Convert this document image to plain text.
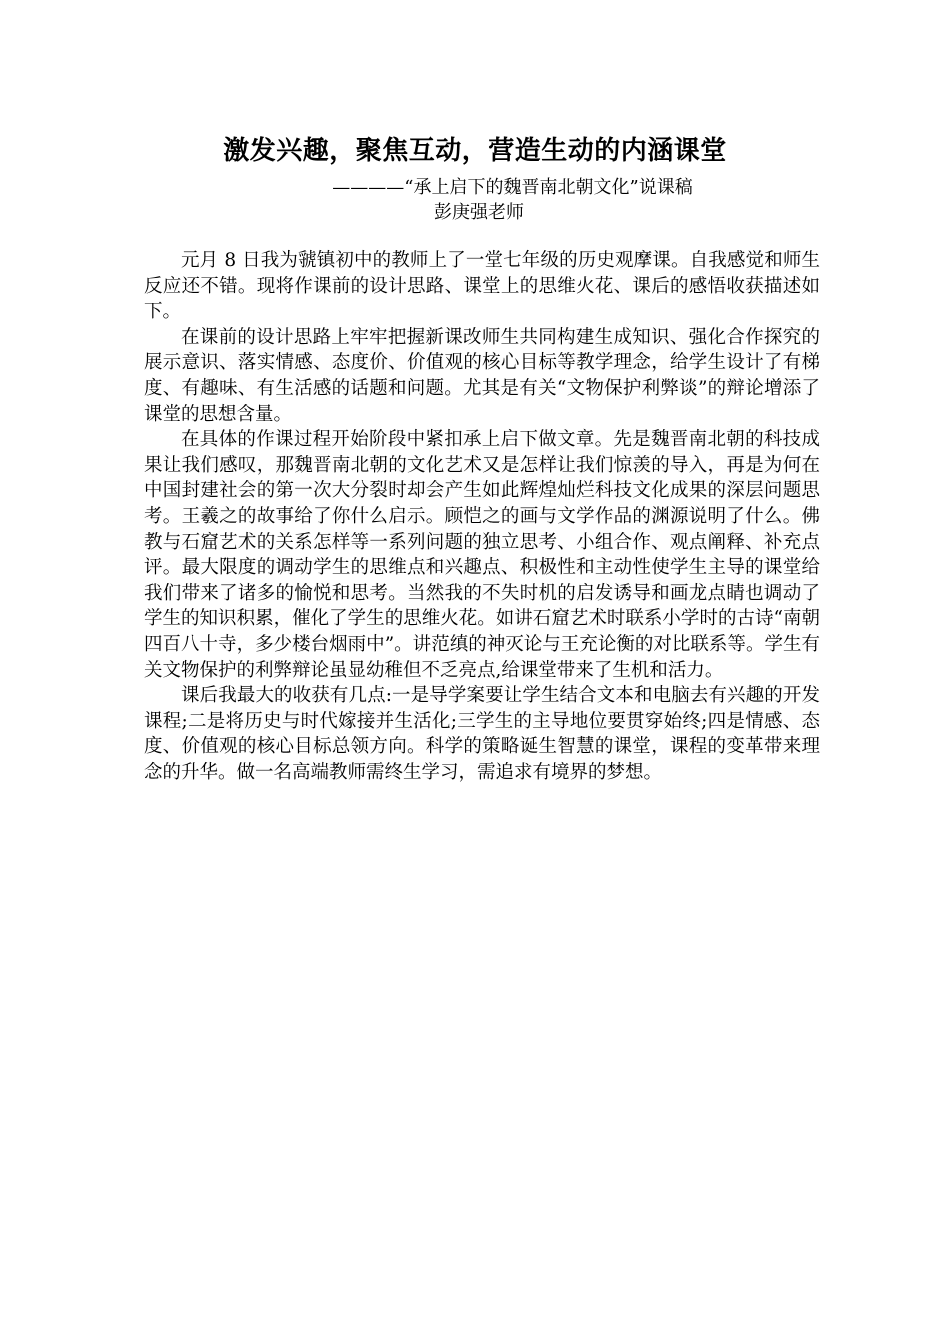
激发兴趣，聚焦互动，营造生动的内涵课堂
————“承上启下的魏晋南北朝文化”说课稿
彭庚强老师

元月 8 日我为虢镇初中的教师上了一堂七年级的历史观摩课。自我感觉和师生反应还不错。现将作课前的设计思路、课堂上的思维火花、课后的感悟收获描述如下。

在课前的设计思路上牢牢把握新课改师生共同构建生成知识、强化合作探究的展示意识、落实情感、态度价、价值观的核心目标等教学理念，给学生设计了有梯度、有趣味、有生活感的话题和问题。尤其是有关“文物保护利弊谈”的辩论增添了课堂的思想含量。

在具体的作课过程开始阶段中紧扣承上启下做文章。先是魏晋南北朝的科技成果让我们感叹，那魏晋南北朝的文化艺术又是怎样让我们惊羡的导入，再是为何在中国封建社会的第一次大分裂时却会产生如此辉煌灿烂科技文化成果的深层问题思考。王羲之的故事给了你什么启示。顾恺之的画与文学作品的渊源说明了什么。佛教与石窟艺术的关系怎样等一系列问题的独立思考、小组合作、观点阐释、补充点评。最大限度的调动学生的思维点和兴趣点、积极性和主动性使学生主导的课堂给我们带来了诸多的愉悦和思考。当然我的不失时机的启发诱导和画龙点睛也调动了学生的知识积累，催化了学生的思维火花。如讲石窟艺术时联系小学时的古诗“南朝四百八十寺，多少楼台烟雨中”。讲范缜的神灭论与王充论衡的对比联系等。学生有关文物保护的利弊辩论虽显幼稚但不乏亮点,给课堂带来了生机和活力。

课后我最大的收获有几点:一是导学案要让学生结合文本和电脑去有兴趣的开发课程;二是将历史与时代嫁接并生活化;三学生的主导地位要贯穿始终;四是情感、态度、价值观的核心目标总领方向。科学的策略诞生智慧的课堂，课程的变革带来理念的升华。做一名高端教师需终生学习，需追求有境界的梦想。
